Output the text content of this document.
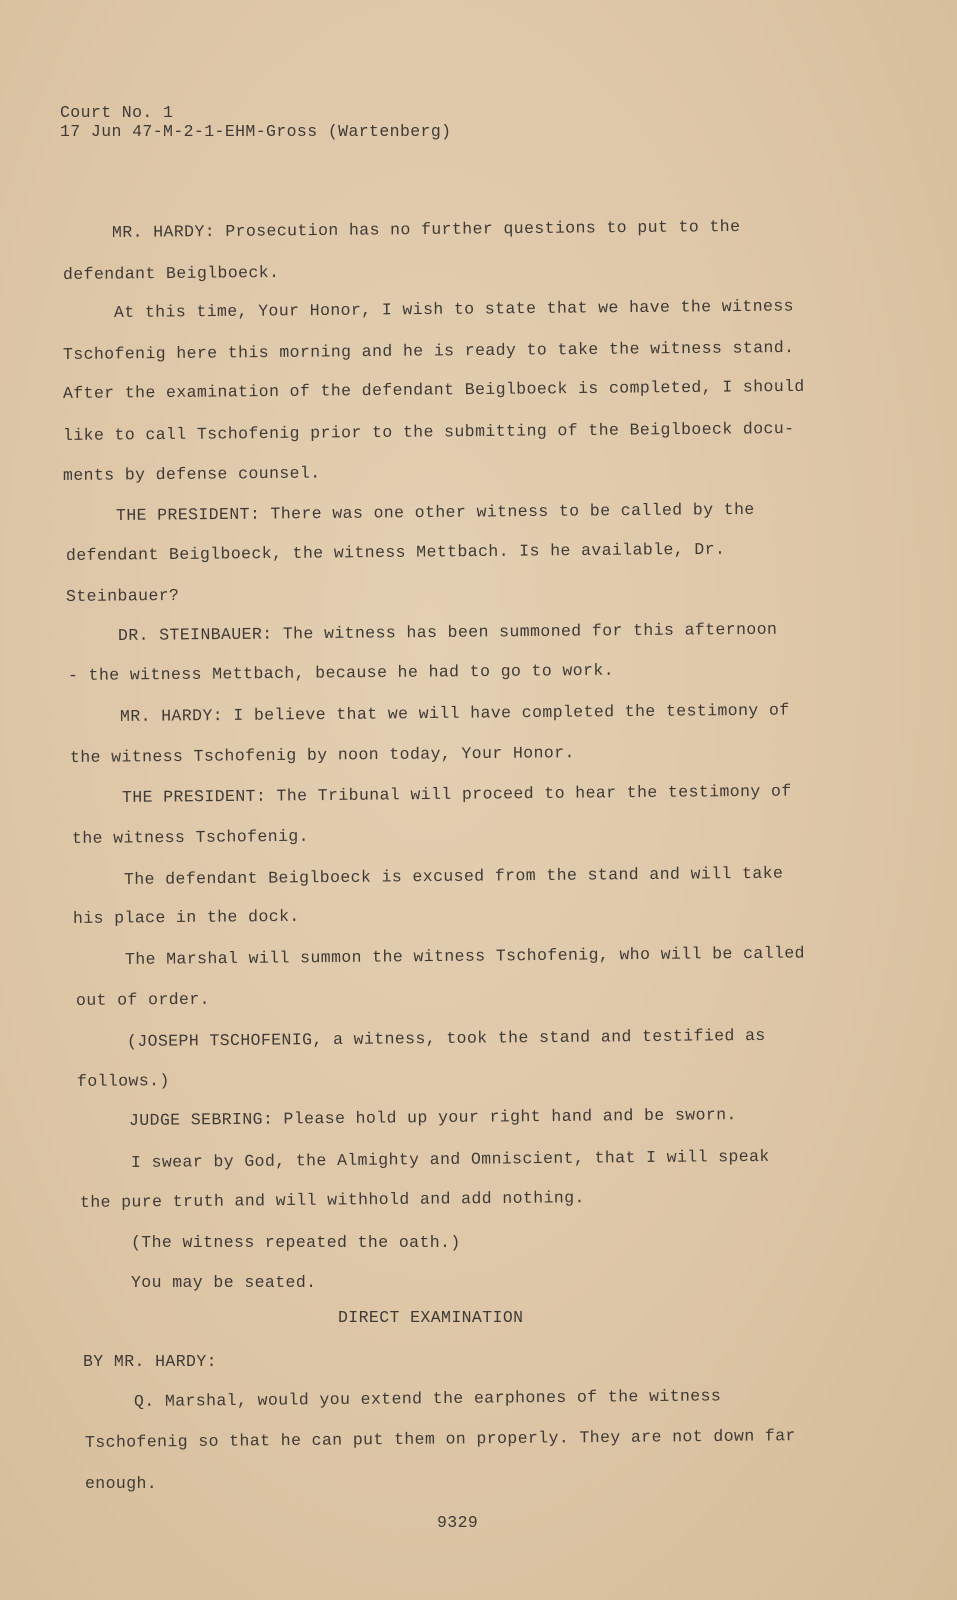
Court No. 1
17 Jun 47-M-2-1-EHM-Gross (Wartenberg)
MR. HARDY: Prosecution has no further questions to put to the
defendant Beiglboeck.
At this time, Your Honor, I wish to state that we have the witness
Tschofenig here this morning and he is ready to take the witness stand.
After the examination of the defendant Beiglboeck is completed, I should
like to call Tschofenig prior to the submitting of the Beiglboeck docu-
ments by defense counsel.
THE PRESIDENT: There was one other witness to be called by the
defendant Beiglboeck, the witness Mettbach. Is he available, Dr.
Steinbauer?
DR. STEINBAUER: The witness has been summoned for this afternoon
- the witness Mettbach, because he had to go to work.
MR. HARDY: I believe that we will have completed the testimony of
the witness Tschofenig by noon today, Your Honor.
THE PRESIDENT: The Tribunal will proceed to hear the testimony of
the witness Tschofenig.
The defendant Beiglboeck is excused from the stand and will take
his place in the dock.
The Marshal will summon the witness Tschofenig, who will be called
out of order.
(JOSEPH TSCHOFENIG, a witness, took the stand and testified as
follows.)
JUDGE SEBRING: Please hold up your right hand and be sworn.
I swear by God, the Almighty and Omniscient, that I will speak
the pure truth and will withhold and add nothing.
(The witness repeated the oath.)
You may be seated.
DIRECT EXAMINATION
BY MR. HARDY:
Q. Marshal, would you extend the earphones of the witness
Tschofenig so that he can put them on properly. They are not down far
enough.
9329
